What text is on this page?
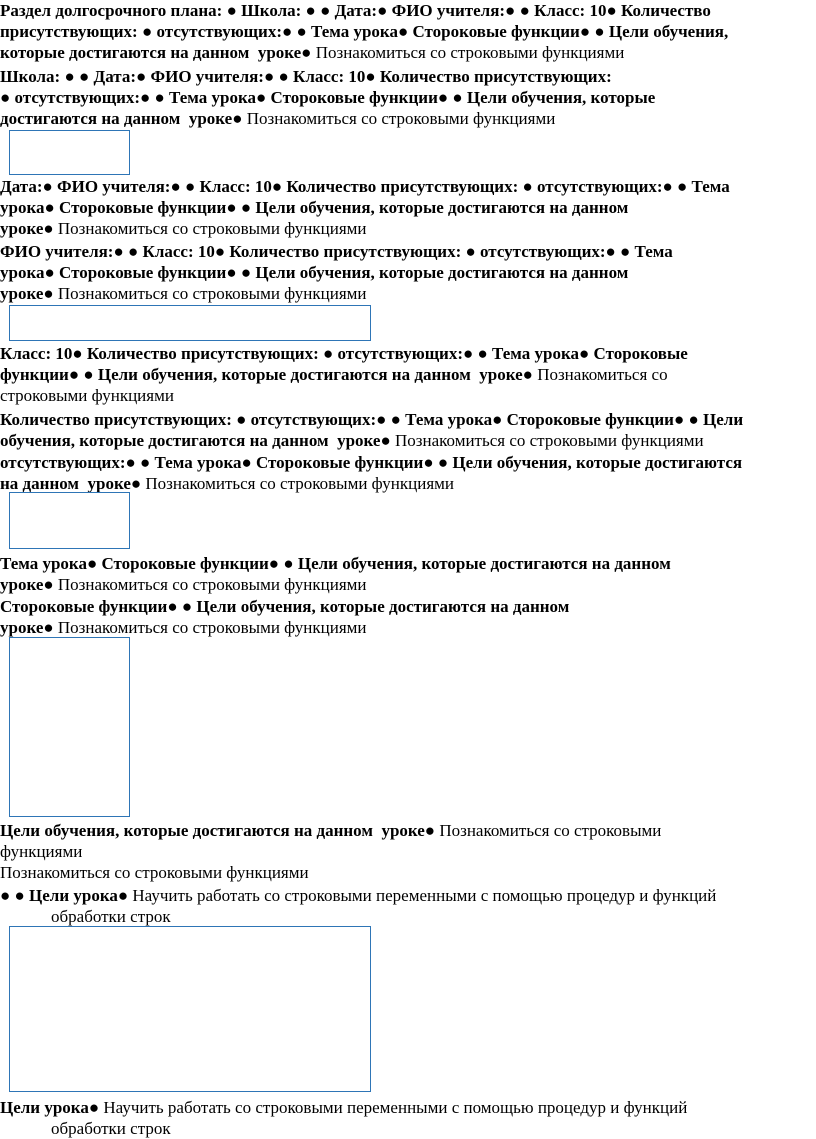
Раздел долгосрочного плана: ● Школа: ● ● Дата:● ФИО учителя:● ● Класс: 10● Количество
присутствующих: ● отсутствующих:● ● Тема урока● Стороковые функции● ● Цели обучения,
которые достигаются на данном  уроке● Познакомиться со строковыми функциями
Школа: ● ● Дата:● ФИО учителя:● ● Класс: 10● Количество присутствующих:
● отсутствующих:● ● Тема урока● Стороковые функции● ● Цели обучения, которые
достигаются на данном  уроке● Познакомиться со строковыми функциями
Дата:● ФИО учителя:● ● Класс: 10● Количество присутствующих: ● отсутствующих:● ● Тема
урока● Стороковые функции● ● Цели обучения, которые достигаются на данном
уроке● Познакомиться со строковыми функциями
ФИО учителя:● ● Класс: 10● Количество присутствующих: ● отсутствующих:● ● Тема
урока● Стороковые функции● ● Цели обучения, которые достигаются на данном
уроке● Познакомиться со строковыми функциями
Класс: 10● Количество присутствующих: ● отсутствующих:● ● Тема урока● Стороковые
функции● ● Цели обучения, которые достигаются на данном  уроке● Познакомиться со
строковыми функциями
Количество присутствующих: ● отсутствующих:● ● Тема урока● Стороковые функции● ● Цели
обучения, которые достигаются на данном  уроке● Познакомиться со строковыми функциями
отсутствующих:● ● Тема урока● Стороковые функции● ● Цели обучения, которые достигаются
на данном  уроке● Познакомиться со строковыми функциями
Тема урока● Стороковые функции● ● Цели обучения, которые достигаются на данном
уроке● Познакомиться со строковыми функциями
Стороковые функции● ● Цели обучения, которые достигаются на данном
уроке● Познакомиться со строковыми функциями
Цели обучения, которые достигаются на данном  уроке● Познакомиться со строковыми
функциями
Познакомиться со строковыми функциями
● ● Цели урока● Научить работать со строковыми переменными с помощью процедур и функций
обработки строк
Цели урока● Научить работать со строковыми переменными с помощью процедур и функций
обработки строк
